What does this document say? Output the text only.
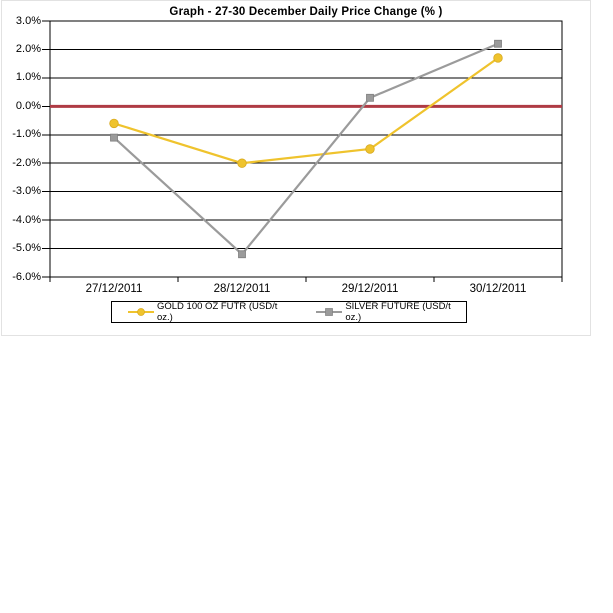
Graph - 27-30 December Daily Price Change (% )
3.0%
2.0%
1.0%
0.0%
-1.0%
-2.0%
-3.0%
-4.0%
-5.0%
-6.0%
27/12/2011	28/12/2011	29/12/2011	30/12/2011
GOLD 100 OZ FUTR (USD/t oz.)
SILVER FUTURE (USD/t oz.)
